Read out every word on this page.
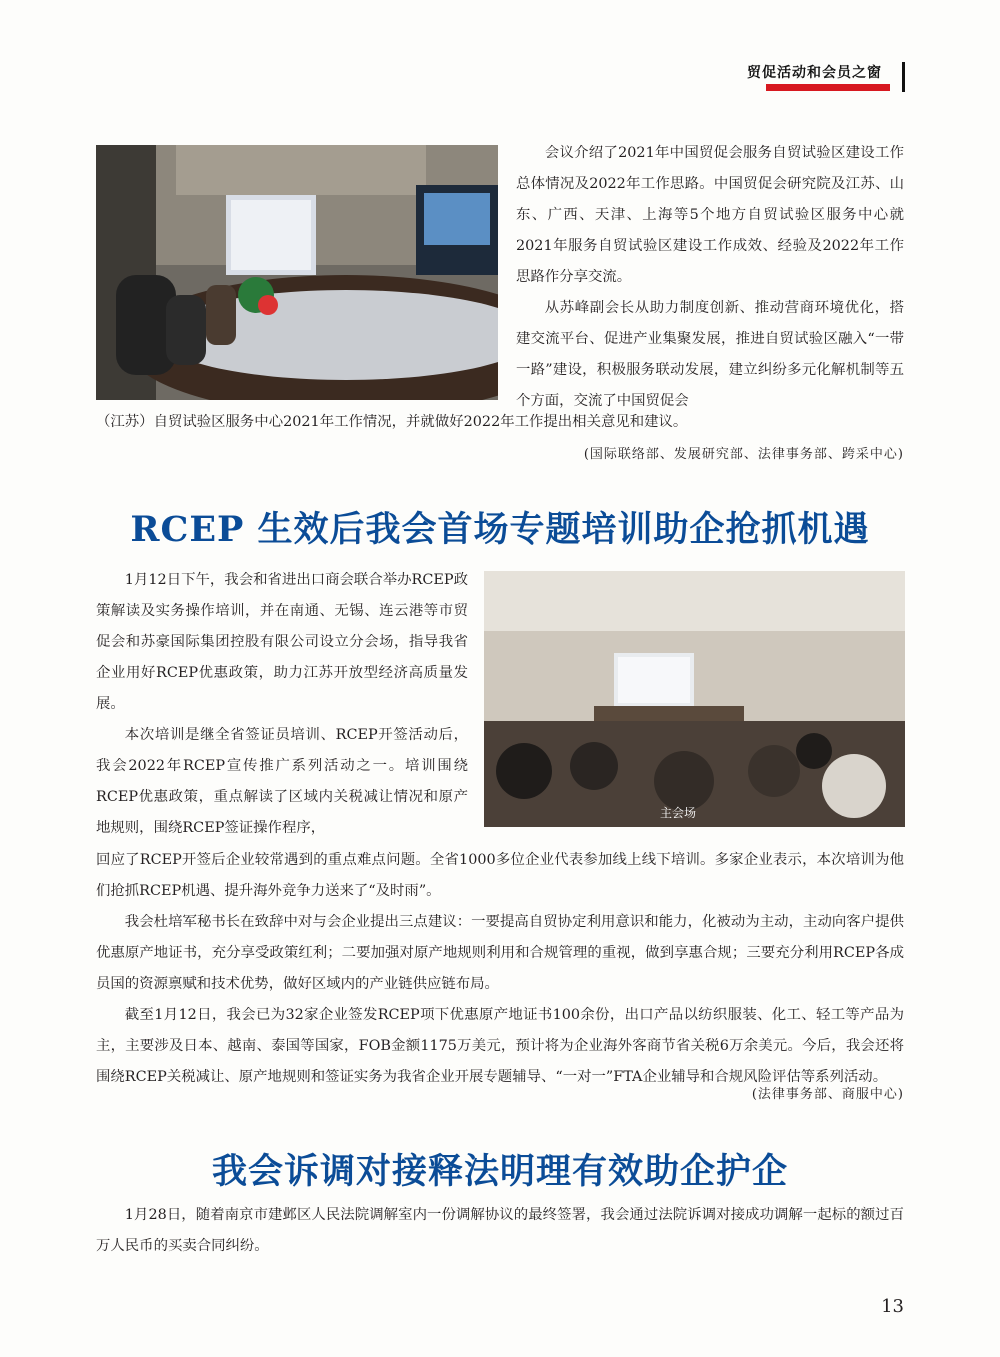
贸促活动和会员之窗

会议介绍了2021年中国贸促会服务自贸试验区建设工作总体情况及2022年工作思路。中国贸促会研究院及江苏、山东、广西、天津、上海等5个地方自贸试验区服务中心就2021年服务自贸试验区建设工作成效、经验及2022年工作思路作分享交流。

从苏峰副会长从助力制度创新、推动营商环境优化，搭建交流平台、促进产业集聚发展，推进自贸试验区融入“一带一路”建设，积极服务联动发展，建立纠纷多元化解机制等五个方面，交流了中国贸促会

（江苏）自贸试验区服务中心2021年工作情况，并就做好2022年工作提出相关意见和建议。

(国际联络部、发展研究部、法律事务部、跨采中心)
RCEP 生效后我会首场专题培训助企抢抓机遇

1月12日下午，我会和省进出口商会联合举办RCEP政策解读及实务操作培训，并在南通、无锡、连云港等市贸促会和苏豪国际集团控股有限公司设立分会场，指导我省企业用好RCEP优惠政策，助力江苏开放型经济高质量发展。

本次培训是继全省签证员培训、RCEP开签活动后，我会2022年RCEP宣传推广系列活动之一。培训围绕RCEP优惠政策，重点解读了区域内关税减让情况和原产地规则，围绕RCEP签证操作程序，

主会场

回应了RCEP开签后企业较常遇到的重点难点问题。全省1000多位企业代表参加线上线下培训。多家企业表示，本次培训为他们抢抓RCEP机遇、提升海外竞争力送来了“及时雨”。

我会杜培军秘书长在致辞中对与会企业提出三点建议：一要提高自贸协定利用意识和能力，化被动为主动，主动向客户提供优惠原产地证书，充分享受政策红利；二要加强对原产地规则利用和合规管理的重视，做到享惠合规；三要充分利用RCEP各成员国的资源禀赋和技术优势，做好区域内的产业链供应链布局。

截至1月12日，我会已为32家企业签发RCEP项下优惠原产地证书100余份，出口产品以纺织服装、化工、轻工等产品为主，主要涉及日本、越南、泰国等国家，FOB金额1175万美元，预计将为企业海外客商节省关税6万余美元。今后，我会还将围绕RCEP关税减让、原产地规则和签证实务为我省企业开展专题辅导、“一对一”FTA企业辅导和合规风险评估等系列活动。

(法律事务部、商服中心)
我会诉调对接释法明理有效助企护企

1月28日，随着南京市建邺区人民法院调解室内一份调解协议的最终签署，我会通过法院诉调对接成功调解一起标的额过百万人民币的买卖合同纠纷。

13
